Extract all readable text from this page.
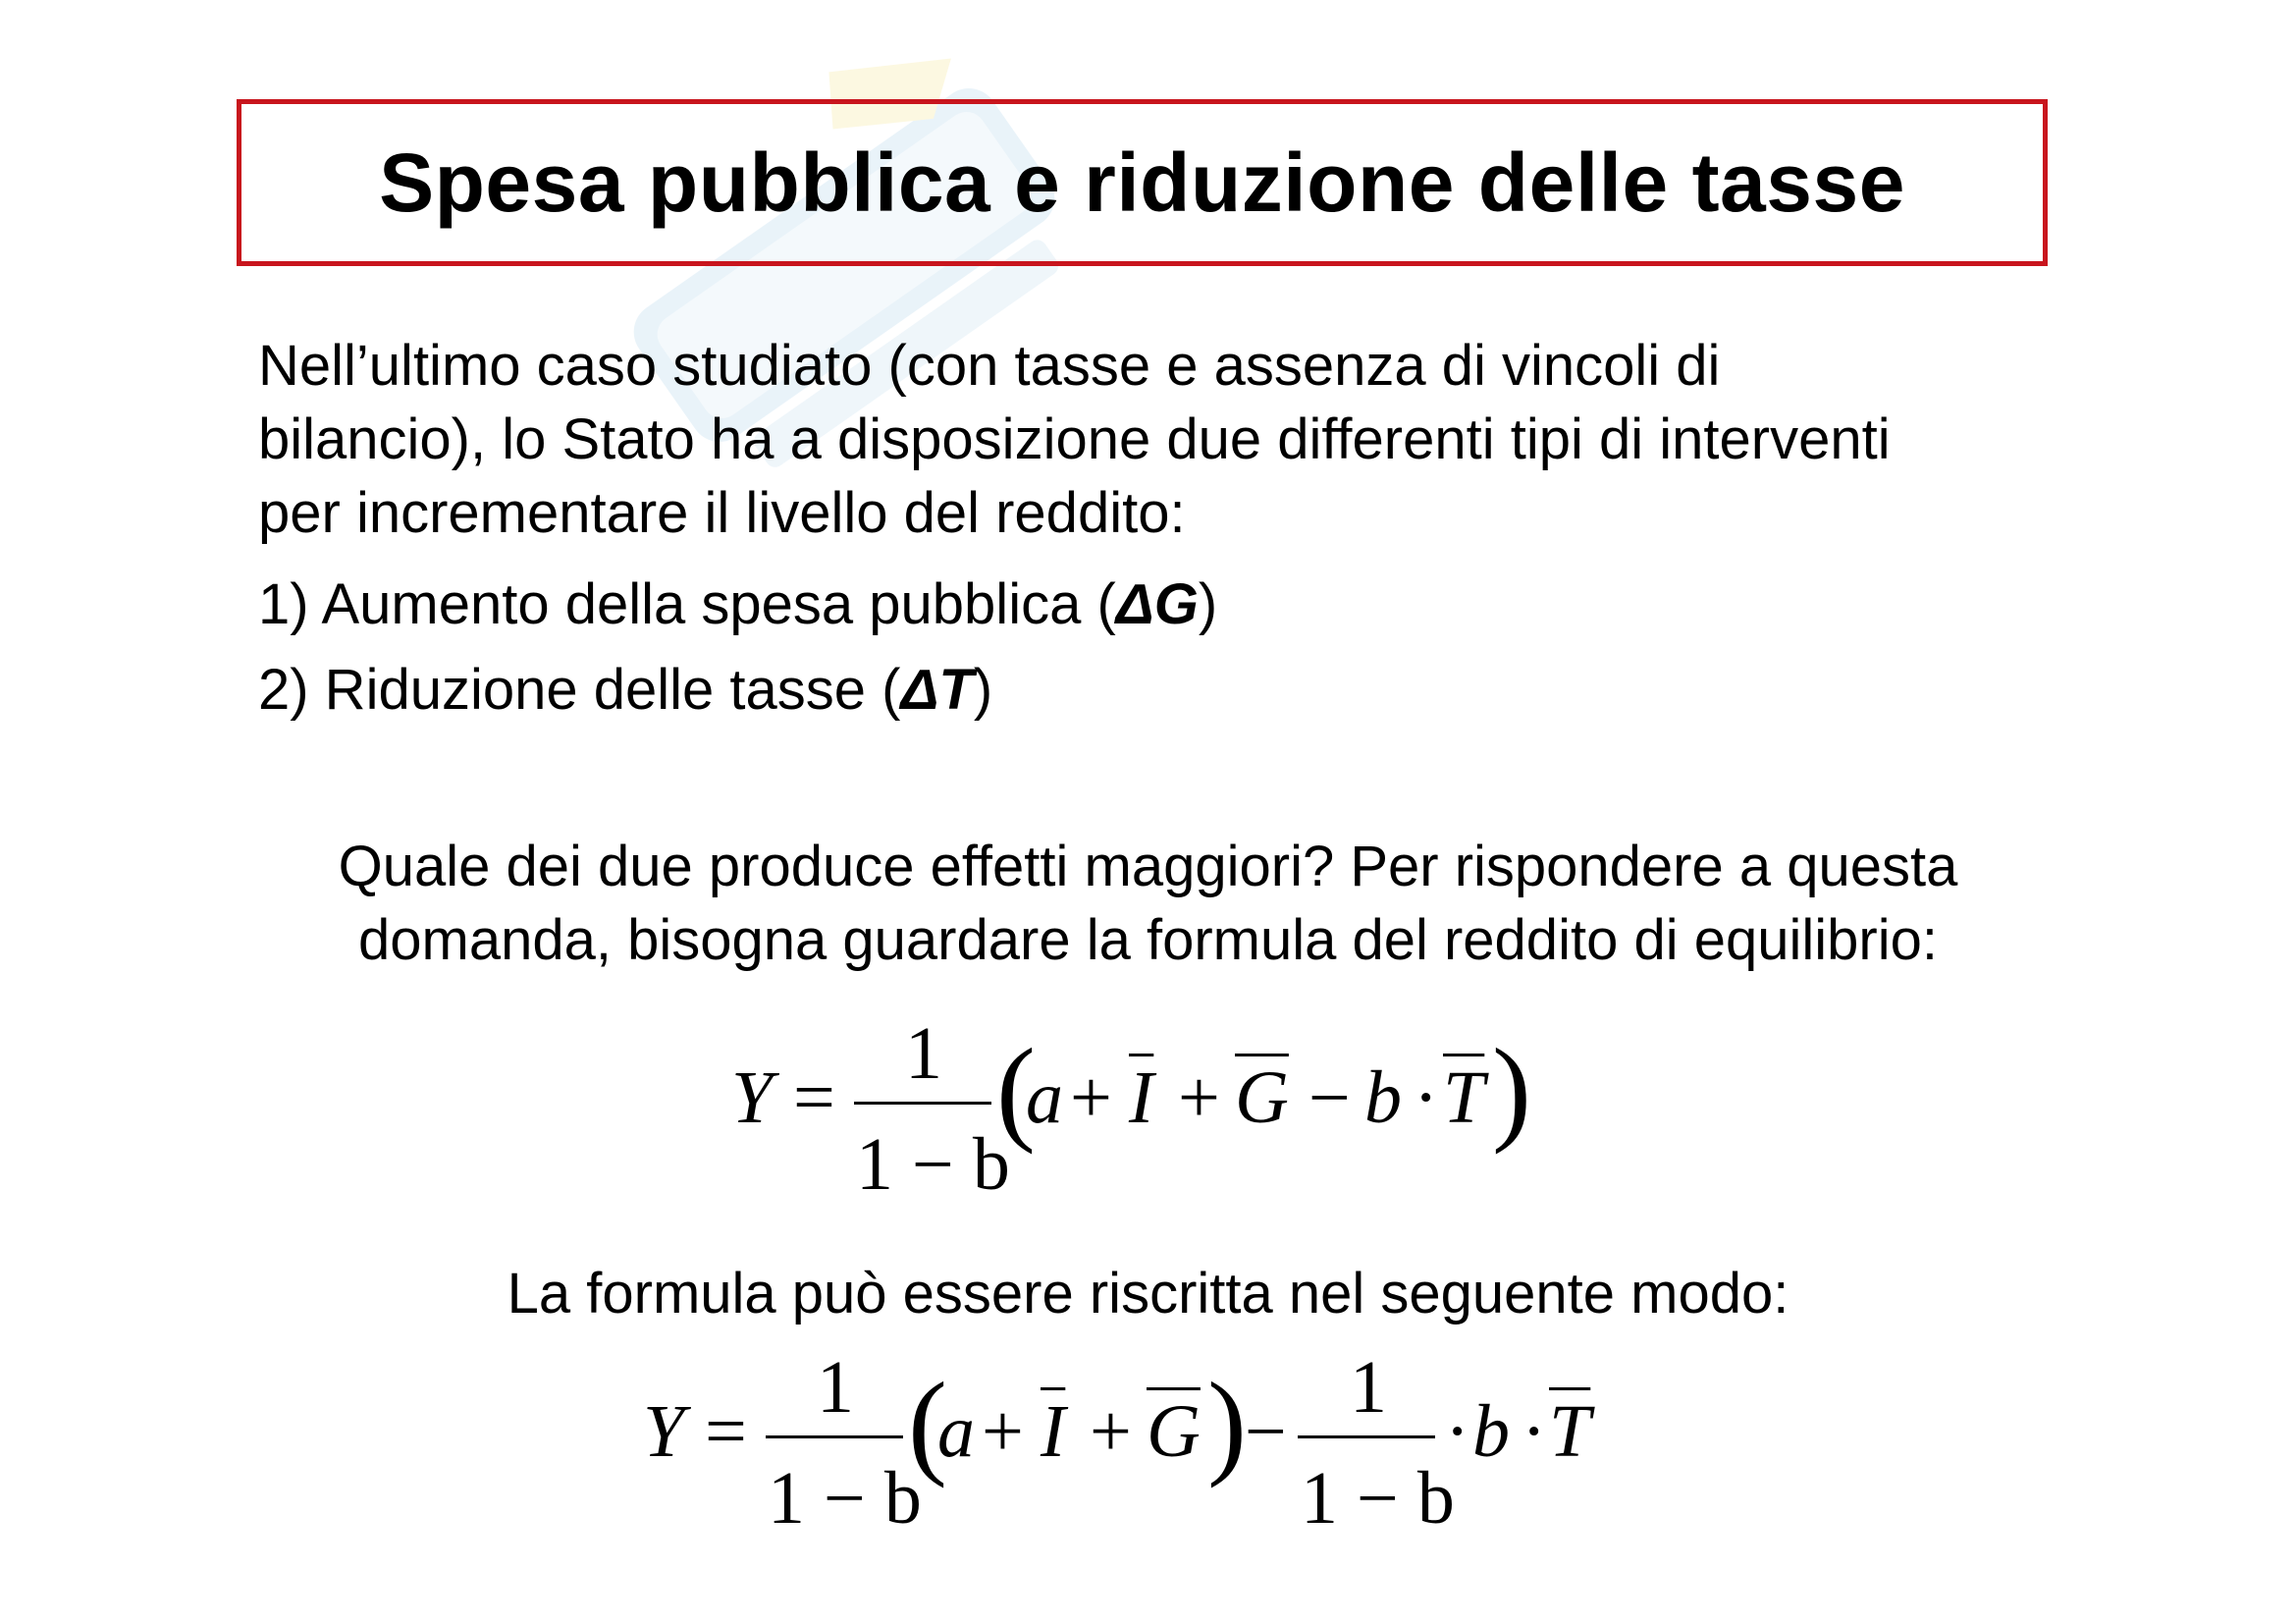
Spesa pubblica e riduzione delle tasse

Nell’ultimo caso studiato (con tasse e assenza di vincoli di
bilancio), lo Stato ha a disposizione due differenti tipi di interventi
per incrementare il livello del reddito:

1) Aumento della spesa pubblica (ΔG)

2) Riduzione delle tasse (ΔT)

Quale dei due produce effetti maggiori? Per rispondere a questa
domanda, bisogna guardare la formula del reddito di equilibrio:

Y =
1
1 − b
(
$a + \overline{I} + \overline{G} - b \cdot \overline{T}$ )

La formula può essere riscritta nel seguente modo:

Y =
1
1 − b
(
$a + \overline{I} + \overline{G}$ )
−
1
1 − b
· $b \cdot \overline{T}$
